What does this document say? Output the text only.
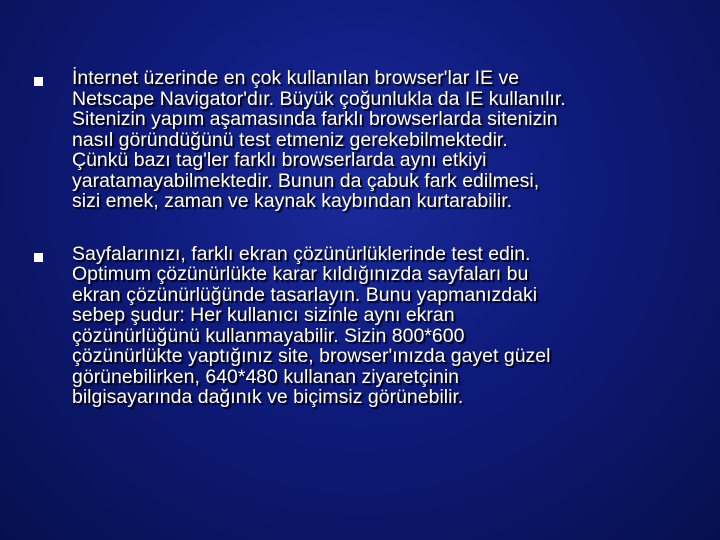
İnternet üzerinde en çok kullanılan browser'lar IE ve
Netscape Navigator'dır. Büyük çoğunlukla da IE kullanılır.
Sitenizin yapım aşamasında farklı browserlarda sitenizin
nasıl göründüğünü test etmeniz gerekebilmektedir.
Çünkü bazı tag'ler farklı browserlarda aynı etkiyi
yaratamayabilmektedir. Bunun da çabuk fark edilmesi,
sizi emek, zaman ve kaynak kaybından kurtarabilir.
Sayfalarınızı, farklı ekran çözünürlüklerinde test edin.
Optimum çözünürlükte karar kıldığınızda sayfaları bu
ekran çözünürlüğünde tasarlayın. Bunu yapmanızdaki
sebep şudur: Her kullanıcı sizinle aynı ekran
çözünürlüğünü kullanmayabilir. Sizin 800*600
çözünürlükte yaptığınız site, browser'ınızda gayet güzel
görünebilirken, 640*480 kullanan ziyaretçinin
bilgisayarında dağınık ve biçimsiz görünebilir.
